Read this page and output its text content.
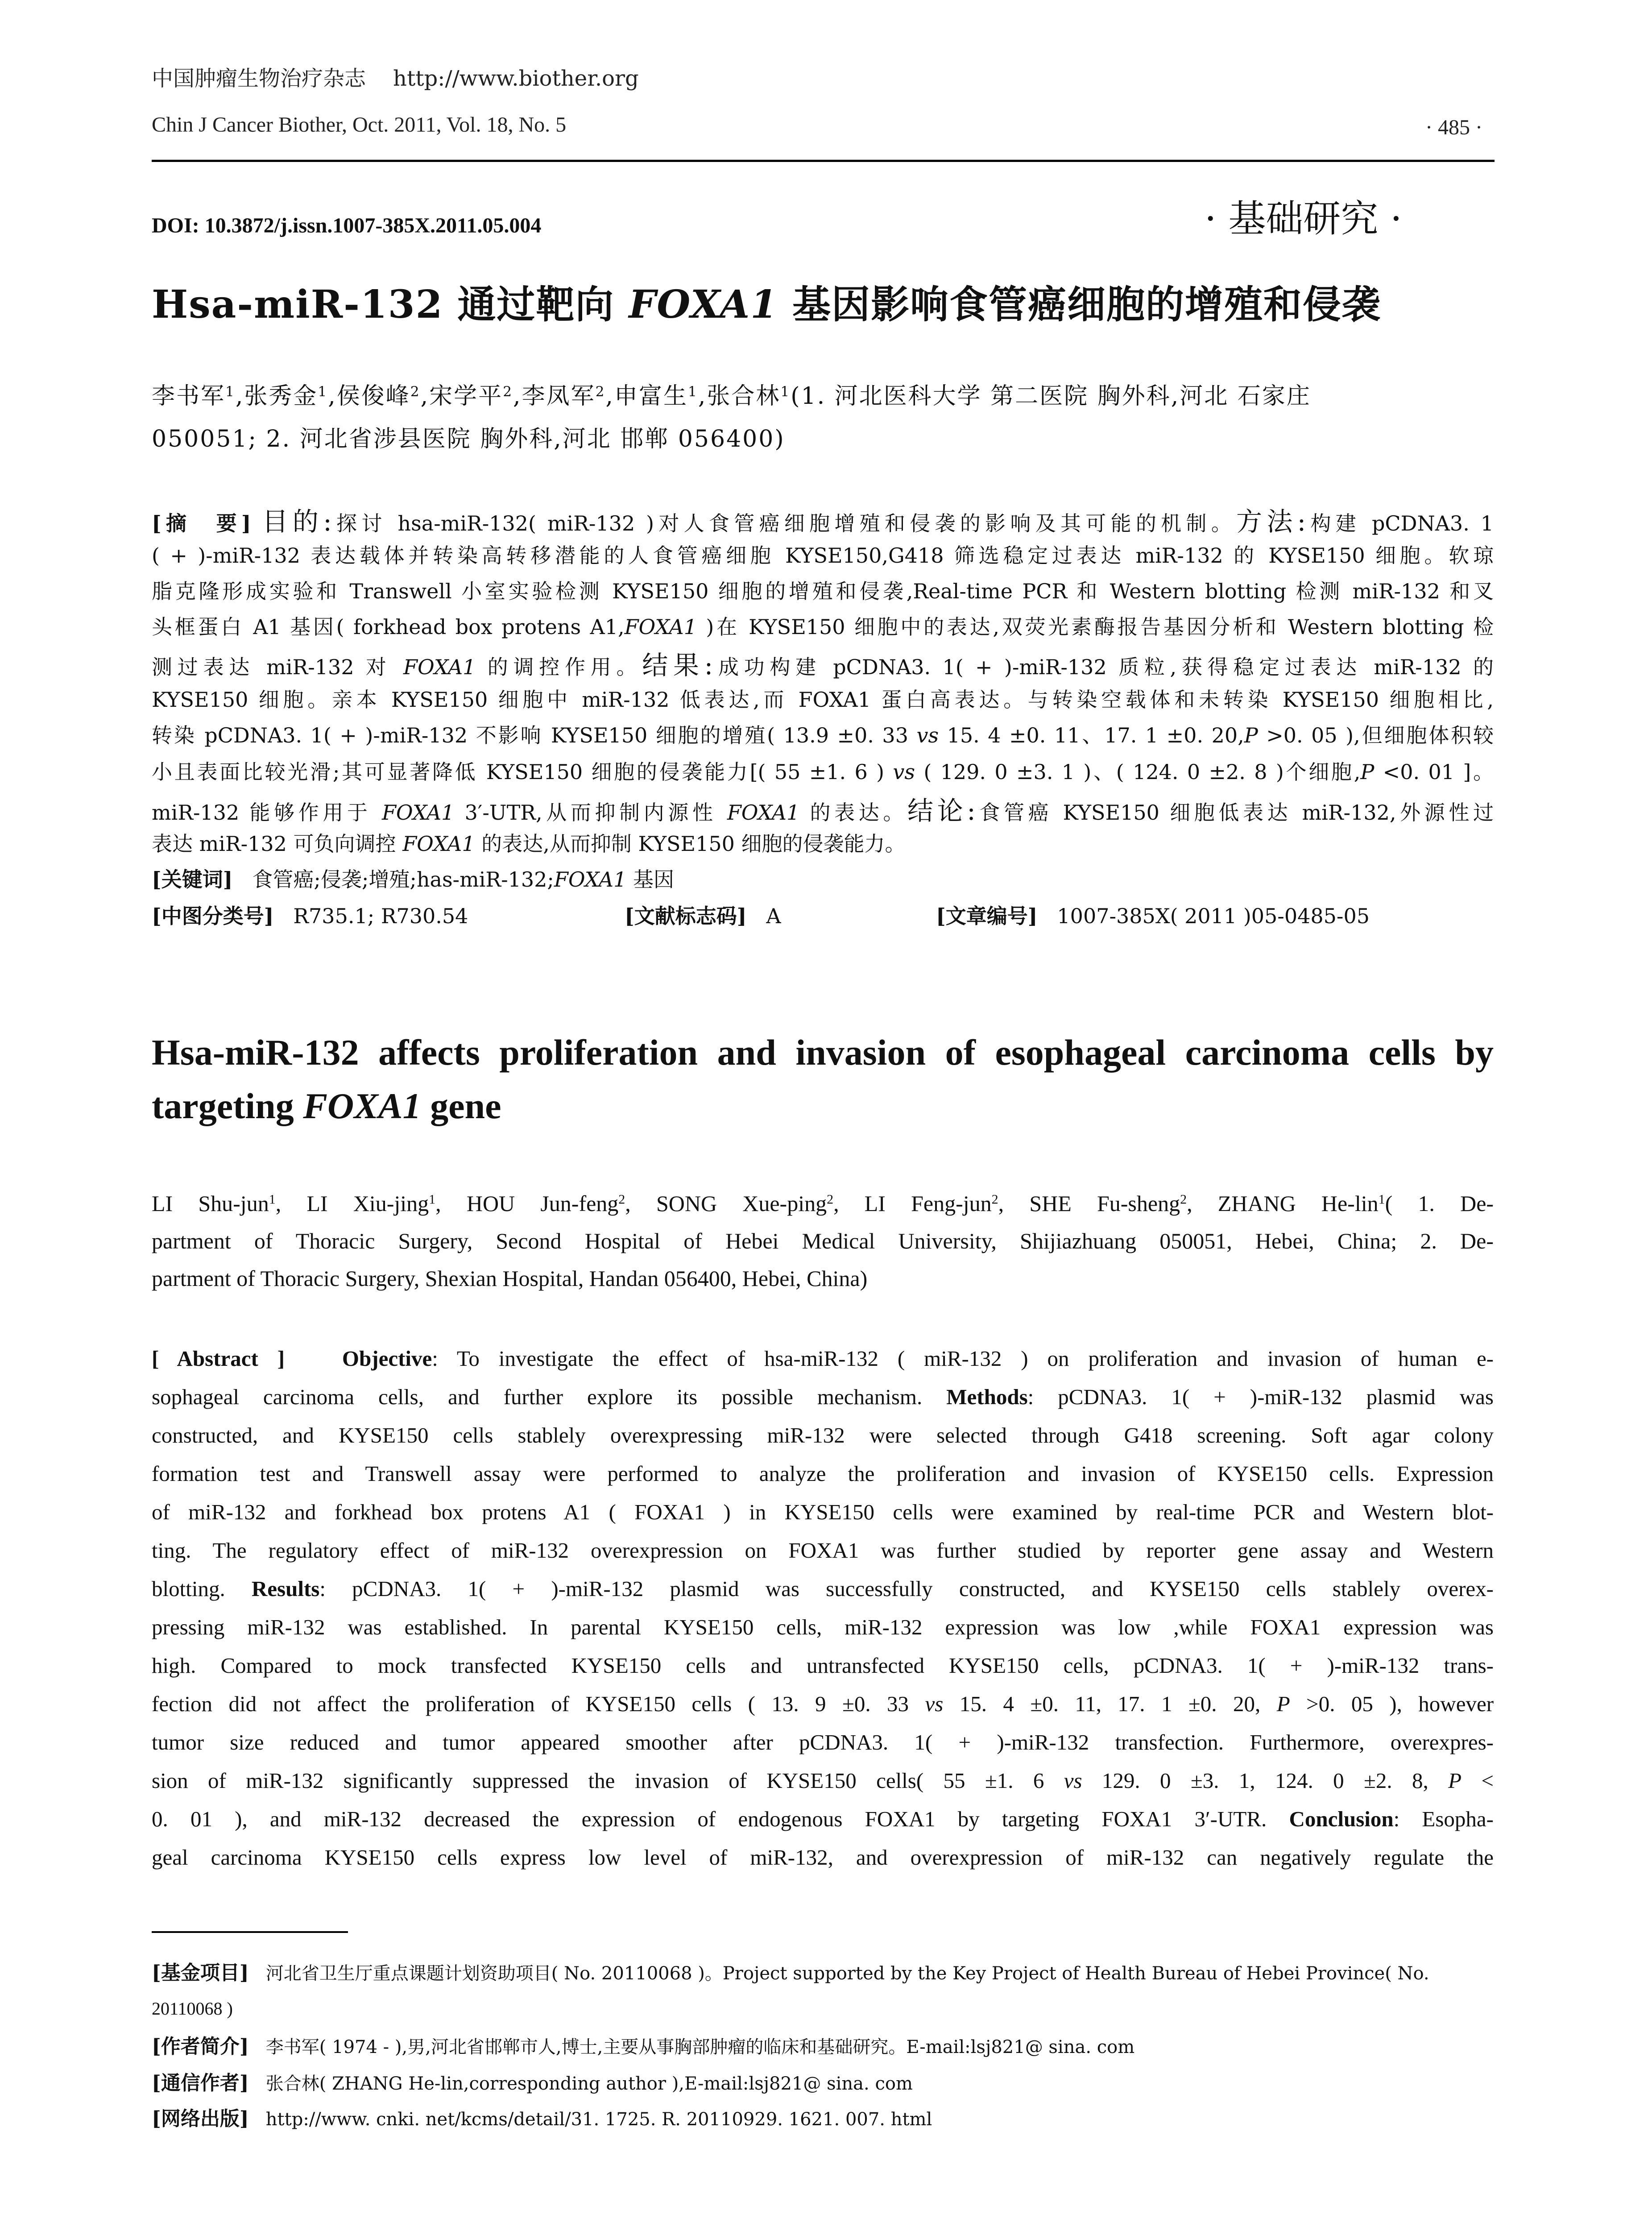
中国肿瘤生物治疗杂志 http://www.biother.org
Chin J Cancer Biother, Oct. 2011, Vol. 18, No. 5	· 485 ·
DOI: 10.3872/j.issn.1007-385X.2011.05.004	· 基础研究 ·
Hsa-miR-132 通过靶向 FOXA1 基因影响食管癌细胞的增殖和侵袭
李书军$^1$,张秀金$^1$,侯俊峰$^2$,宋学平$^2$,李凤军$^2$,申富生$^1$,张合林$^1$(1. 河北医科大学 第二医院 胸外科,河北 石家庄
050051; 2. 河北省涉县医院 胸外科,河北 邯郸 056400)
[摘　要] 目的:探讨 hsa-miR-132( miR-132 )对人食管癌细胞增殖和侵袭的影响及其可能的机制。方法:构建 pCDNA3. 1
( + )-miR-132 表达载体并转染高转移潜能的人食管癌细胞 KYSE150,G418 筛选稳定过表达 miR-132 的 KYSE150 细胞。软琼
脂克隆形成实验和 Transwell 小室实验检测 KYSE150 细胞的增殖和侵袭,Real-time PCR 和 Western blotting 检测 miR-132 和叉
头框蛋白 A1 基因( forkhead box protens A1,FOXA1 )在 KYSE150 细胞中的表达,双荧光素酶报告基因分析和 Western blotting 检
测过表达 miR-132 对 FOXA1 的调控作用。结果:成功构建 pCDNA3. 1( + )-miR-132 质粒,获得稳定过表达 miR-132 的
KYSE150 细胞。亲本 KYSE150 细胞中 miR-132 低表达,而 FOXA1 蛋白高表达。与转染空载体和未转染 KYSE150 细胞相比,
转染 pCDNA3. 1( + )-miR-132 不影响 KYSE150 细胞的增殖( 13.9 ±0. 33 vs 15. 4 ±0. 11、17. 1 ±0. 20,P >0. 05 ),但细胞体积较
小且表面比较光滑;其可显著降低 KYSE150 细胞的侵袭能力[( 55 ±1. 6 ) vs ( 129. 0 ±3. 1 )、( 124. 0 ±2. 8 )个细胞,P <0. 01 ]。
miR-132 能够作用于 FOXA1 3′-UTR,从而抑制内源性 FOXA1 的表达。结论:食管癌 KYSE150 细胞低表达 miR-132,外源性过
表达 miR-132 可负向调控 FOXA1 的表达,从而抑制 KYSE150 细胞的侵袭能力。
[关键词] 食管癌;侵袭;增殖;has-miR-132;FOXA1 基因
[中图分类号] R735.1; R730.54	[文献标志码] A	[文章编号] 1007-385X( 2011 )05-0485-05
Hsa-miR-132 affects proliferation and invasion of esophageal carcinoma cells by
targeting FOXA1 gene
LI Shu-jun$^1$, LI Xiu-jing$^1$, HOU Jun-feng$^2$, SONG Xue-ping$^2$, LI Feng-jun$^2$, SHE Fu-sheng$^2$, ZHANG He-lin$^1$( 1. De-
partment of Thoracic Surgery, Second Hospital of Hebei Medical University, Shijiazhuang 050051, Hebei, China; 2. De-
partment of Thoracic Surgery, Shexian Hospital, Handan 056400, Hebei, China)
[ Abstract ]	Objective: To investigate the effect of hsa-miR-132 ( miR-132 ) on proliferation and invasion of human e-
sophageal carcinoma cells, and further explore its possible mechanism. Methods: pCDNA3. 1( + )-miR-132 plasmid was
constructed, and KYSE150 cells stablely overexpressing miR-132 were selected through G418 screening. Soft agar colony
formation test and Transwell assay were performed to analyze the proliferation and invasion of KYSE150 cells. Expression
of miR-132 and forkhead box protens A1 ( FOXA1 ) in KYSE150 cells were examined by real-time PCR and Western blot-
ting. The regulatory effect of miR-132 overexpression on FOXA1 was further studied by reporter gene assay and Western
blotting. Results: pCDNA3. 1( + )-miR-132 plasmid was successfully constructed, and KYSE150 cells stablely overex-
pressing miR-132 was established. In parental KYSE150 cells, miR-132 expression was low ,while FOXA1 expression was
high. Compared to mock transfected KYSE150 cells and untransfected KYSE150 cells, pCDNA3. 1( + )-miR-132 trans-
fection did not affect the proliferation of KYSE150 cells ( 13. 9 ±0. 33 vs 15. 4 ±0. 11, 17. 1 ±0. 20, P >0. 05 ), however
tumor size reduced and tumor appeared smoother after pCDNA3. 1( + )-miR-132 transfection. Furthermore, overexpres-
sion of miR-132 significantly suppressed the invasion of KYSE150 cells( 55 ±1. 6 vs 129. 0 ±3. 1, 124. 0 ±2. 8, P <
0. 01 ), and miR-132 decreased the expression of endogenous FOXA1 by targeting FOXA1 3′-UTR. Conclusion: Esopha-
geal carcinoma KYSE150 cells express low level of miR-132, and overexpression of miR-132 can negatively regulate the
[基金项目] 河北省卫生厅重点课题计划资助项目( No. 20110068 )。Project supported by the Key Project of Health Bureau of Hebei Province( No.
20110068 )
[作者简介] 李书军( 1974 - ),男,河北省邯郸市人,博士,主要从事胸部肿瘤的临床和基础研究。E-mail:lsj821@ sina. com
[通信作者] 张合林( ZHANG He-lin,corresponding author ),E-mail:lsj821@ sina. com
[网络出版] http://www. cnki. net/kcms/detail/31. 1725. R. 20110929. 1621. 007. html
